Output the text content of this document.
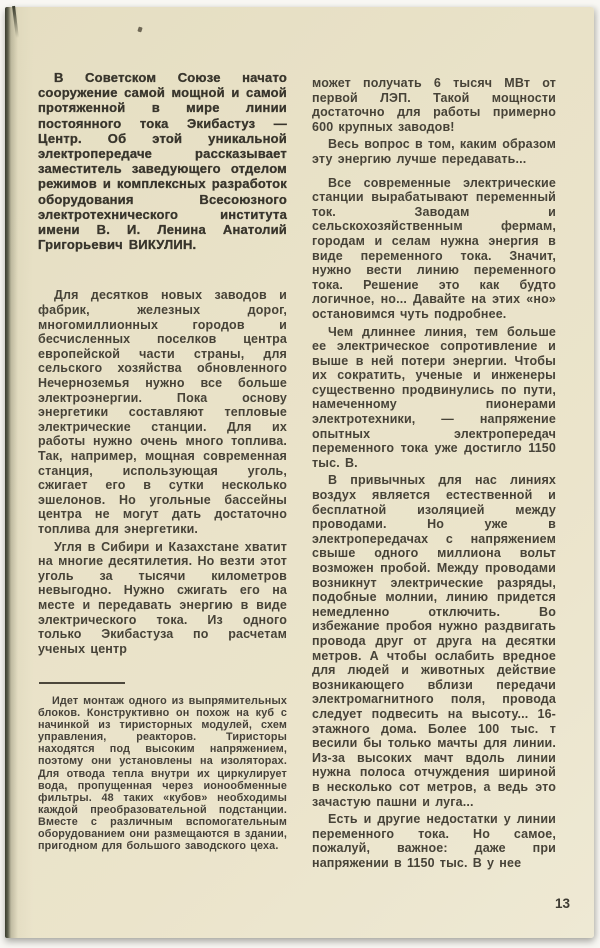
В Советском Союзе начато сооружение самой мощной и самой протяженной в мире линии постоянного тока Экибастуз — Центр. Об этой уникальной электропередаче рассказывает заместитель заведующего отделом режимов и комплексных разработок оборудования Всесоюзного электротехнического института имени В. И. Ленина Анатолий Григорьевич ВИКУЛИН.

Для десятков новых заводов и фабрик, железных дорог, многомиллионных городов и бесчисленных поселков центра европейской части страны, для сельского хозяйства обновленного Нечерноземья нужно все больше электроэнергии. Пока основу энергетики составляют тепловые электрические станции. Для их работы нужно очень много топлива. Так, например, мощная современная станция, использующая уголь, сжигает его в сутки несколько эшелонов. Но угольные бассейны центра не могут дать достаточно топлива для энергетики.

Угля в Сибири и Казахстане хватит на многие десятилетия. Но везти этот уголь за тысячи километров невыгодно. Нужно сжигать его на месте и передавать энергию в виде электрического тока. Из одного только Экибастуза по расчетам ученых центр

Идет монтаж одного из выпрямительных блоков. Конструктивно он похож на куб с начинкой из тиристорных модулей, схем управления, реакторов. Тиристоры находятся под высоким напряжением, поэтому они установлены на изоляторах. Для отвода тепла внутри их циркулирует вода, пропущенная через ионообменные фильтры. 48 таких «кубов» необходимы каждой преобразовательной подстанции. Вместе с различным вспомогательным оборудованием они размещаются в здании, пригодном для большого заводского цеха.

может получать 6 тысяч МВт от первой ЛЭП. Такой мощности достаточно для работы примерно 600 крупных заводов!

Весь вопрос в том, каким образом эту энергию лучше передавать...

Все современные электрические станции вырабатывают переменный ток. Заводам и сельскохозяйственным фермам, городам и селам нужна энергия в виде переменного тока. Значит, нужно вести линию переменного тока. Решение это как будто логичное, но... Давайте на этих «но» остановимся чуть подробнее.

Чем длиннее линия, тем больше ее электрическое сопротивление и выше в ней потери энергии. Чтобы их сократить, ученые и инженеры существенно продвинулись по пути, намеченному пионерами электротехники, — напряжение опытных электропередач переменного тока уже достигло 1150 тыс. В.

В привычных для нас линиях воздух является естественной и бесплатной изоляцией между проводами. Но уже в электропередачах с напряжением свыше одного миллиона вольт возможен пробой. Между проводами возникнут электрические разряды, подобные молнии, линию придется немедленно отключить. Во избежание пробоя нужно раздвигать провода друг от друга на десятки метров. А чтобы ослабить вредное для людей и животных действие возникающего вблизи передачи электромагнитного поля, провода следует подвесить на высоту... 16-этажного дома. Более 100 тыс. т весили бы только мачты для линии. Из-за высоких мачт вдоль линии нужна полоса отчуждения шириной в несколько сот метров, а ведь это зачастую пашни и луга...

Есть и другие недостатки у линии переменного тока. Но самое, пожалуй, важное: даже при напряжении в 1150 тыс. В у нее

13
